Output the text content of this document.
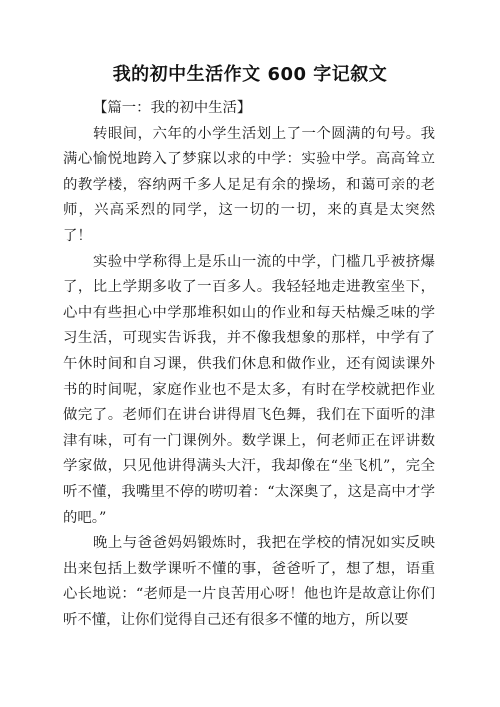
我的初中生活作文 600 字记叙文

【篇一：我的初中生活】

转眼间，六年的小学生活划上了一个圆满的句号。我满心愉悦地跨入了梦寐以求的中学：实验中学。高高耸立的教学楼，容纳两千多人足足有余的操场，和蔼可亲的老师，兴高采烈的同学，这一切的一切，来的真是太突然了！

实验中学称得上是乐山一流的中学，门槛几乎被挤爆了，比上学期多收了一百多人。我轻轻地走进教室坐下，心中有些担心中学那堆积如山的作业和每天枯燥乏味的学习生活，可现实告诉我，并不像我想象的那样，中学有了午休时间和自习课，供我们休息和做作业，还有阅读课外书的时间呢，家庭作业也不是太多，有时在学校就把作业做完了。老师们在讲台讲得眉飞色舞，我们在下面听的津津有味，可有一门课例外。数学课上，何老师正在评讲数学家做，只见他讲得满头大汗，我却像在“坐飞机”，完全听不懂，我嘴里不停的唠叨着：“太深奥了，这是高中才学的吧。”

晚上与爸爸妈妈锻炼时，我把在学校的情况如实反映出来包括上数学课听不懂的事，爸爸听了，想了想，语重心长地说：“老师是一片良苦用心呀！他也许是故意让你们听不懂，让你们觉得自己还有很多不懂的地方，所以要
